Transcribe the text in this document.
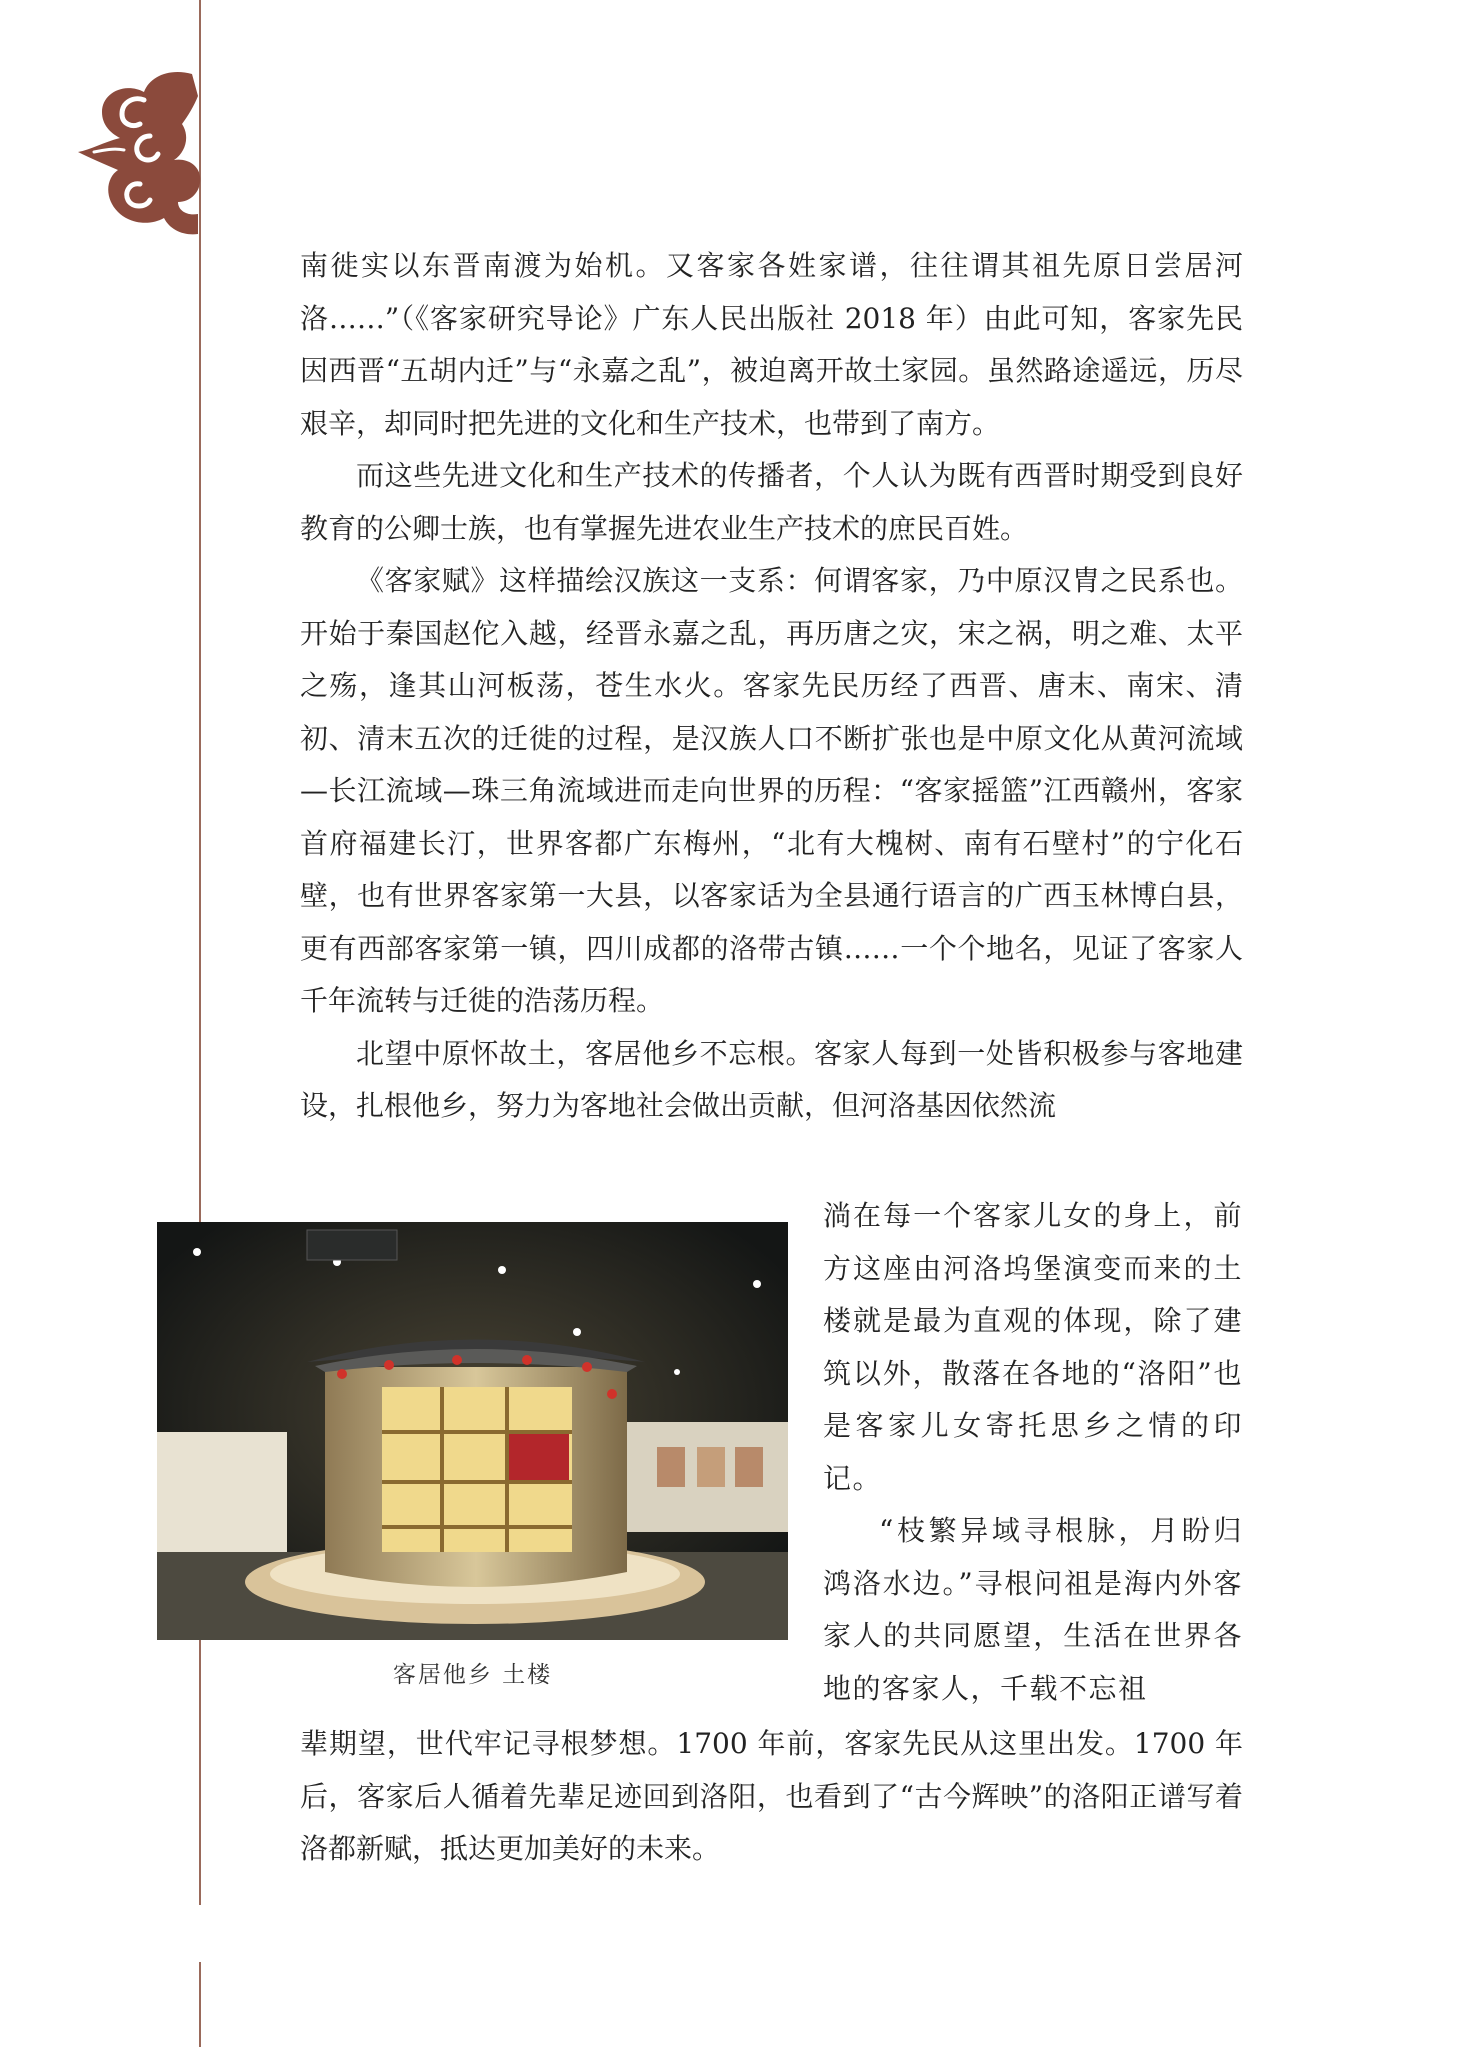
南徙实以东晋南渡为始机。又客家各姓家谱，往往谓其祖先原日尝居河洛……”（《客家研究导论》广东人民出版社 2018 年）由此可知，客家先民因西晋“五胡内迁”与“永嘉之乱”，被迫离开故土家园。虽然路途遥远，历尽艰辛，却同时把先进的文化和生产技术，也带到了南方。

而这些先进文化和生产技术的传播者，个人认为既有西晋时期受到良好教育的公卿士族，也有掌握先进农业生产技术的庶民百姓。

《客家赋》这样描绘汉族这一支系：何谓客家，乃中原汉胄之民系也。开始于秦国赵佗入越，经晋永嘉之乱，再历唐之灾，宋之祸，明之难、太平之殇，逢其山河板荡，苍生水火。客家先民历经了西晋、唐末、南宋、清初、清末五次的迁徙的过程，是汉族人口不断扩张也是中原文化从黄河流域—长江流域—珠三角流域进而走向世界的历程：“客家摇篮”江西赣州，客家首府福建长汀，世界客都广东梅州，“北有大槐树、南有石壁村”的宁化石壁，也有世界客家第一大县，以客家话为全县通行语言的广西玉林博白县，更有西部客家第一镇，四川成都的洛带古镇……一个个地名，见证了客家人千年流转与迁徙的浩荡历程。

北望中原怀故土，客居他乡不忘根。客家人每到一处皆积极参与客地建设，扎根他乡，努力为客地社会做出贡献，但河洛基因依然流

客居他乡 土楼

淌在每一个客家儿女的身上，前方这座由河洛坞堡演变而来的土楼就是最为直观的体现，除了建筑以外，散落在各地的“洛阳”也是客家儿女寄托思乡之情的印记。

“枝繁异域寻根脉，月盼归鸿洛水边。”寻根问祖是海内外客家人的共同愿望，生活在世界各地的客家人，千载不忘祖

辈期望，世代牢记寻根梦想。1700 年前，客家先民从这里出发。1700 年后，客家后人循着先辈足迹回到洛阳，也看到了“古今辉映”的洛阳正谱写着洛都新赋，抵达更加美好的未来。
